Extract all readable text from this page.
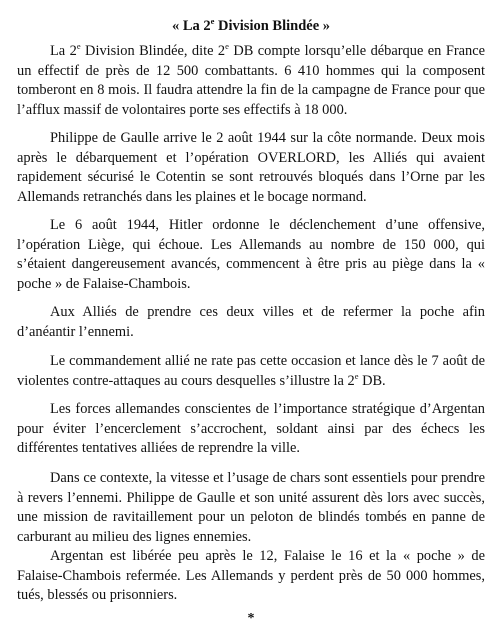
« La 2e Division Blindée »

La 2e Division Blindée, dite 2e DB compte lorsqu’elle débarque en France un effectif de près de 12 500 combattants. 6 410 hommes qui la composent tomberont en 8 mois. Il faudra attendre la fin de la campagne de France pour que l’afflux massif de volontaires porte ses effectifs à 18 000.

Philippe de Gaulle arrive le 2 août 1944 sur la côte normande. Deux mois après le débarquement et l’opération OVERLORD, les Alliés qui avaient rapidement sécurisé le Cotentin se sont retrouvés bloqués dans l’Orne par les Allemands retranchés dans les plaines et le bocage normand.

Le 6 août 1944, Hitler ordonne le déclenchement d’une offensive, l’opération Liège, qui échoue. Les Allemands au nombre de 150 000, qui s’étaient dangereusement avancés, commencent à être pris au piège dans la « poche » de Falaise-Chambois.

Aux Alliés de prendre ces deux villes et de refermer la poche afin d’anéantir l’ennemi.

Le commandement allié ne rate pas cette occasion et lance dès le 7 août de violentes contre-attaques au cours desquelles s’illustre la 2e DB.

Les forces allemandes conscientes de l’importance stratégique d’Argentan pour éviter l’encerclement s’accrochent, soldant ainsi par des échecs les différentes tentatives alliées de reprendre la ville.

Dans ce contexte, la vitesse et l’usage de chars sont essentiels pour prendre à revers l’ennemi. Philippe de Gaulle et son unité assurent dès lors avec succès, une mission de ravitaillement pour un peloton de blindés tombés en panne de carburant au milieu des lignes ennemies.

Argentan est libérée peu après le 12, Falaise le 16 et la « poche » de Falaise-Chambois refermée. Les Allemands y perdent près de 50 000 hommes, tués, blessés ou prisonniers.

*
